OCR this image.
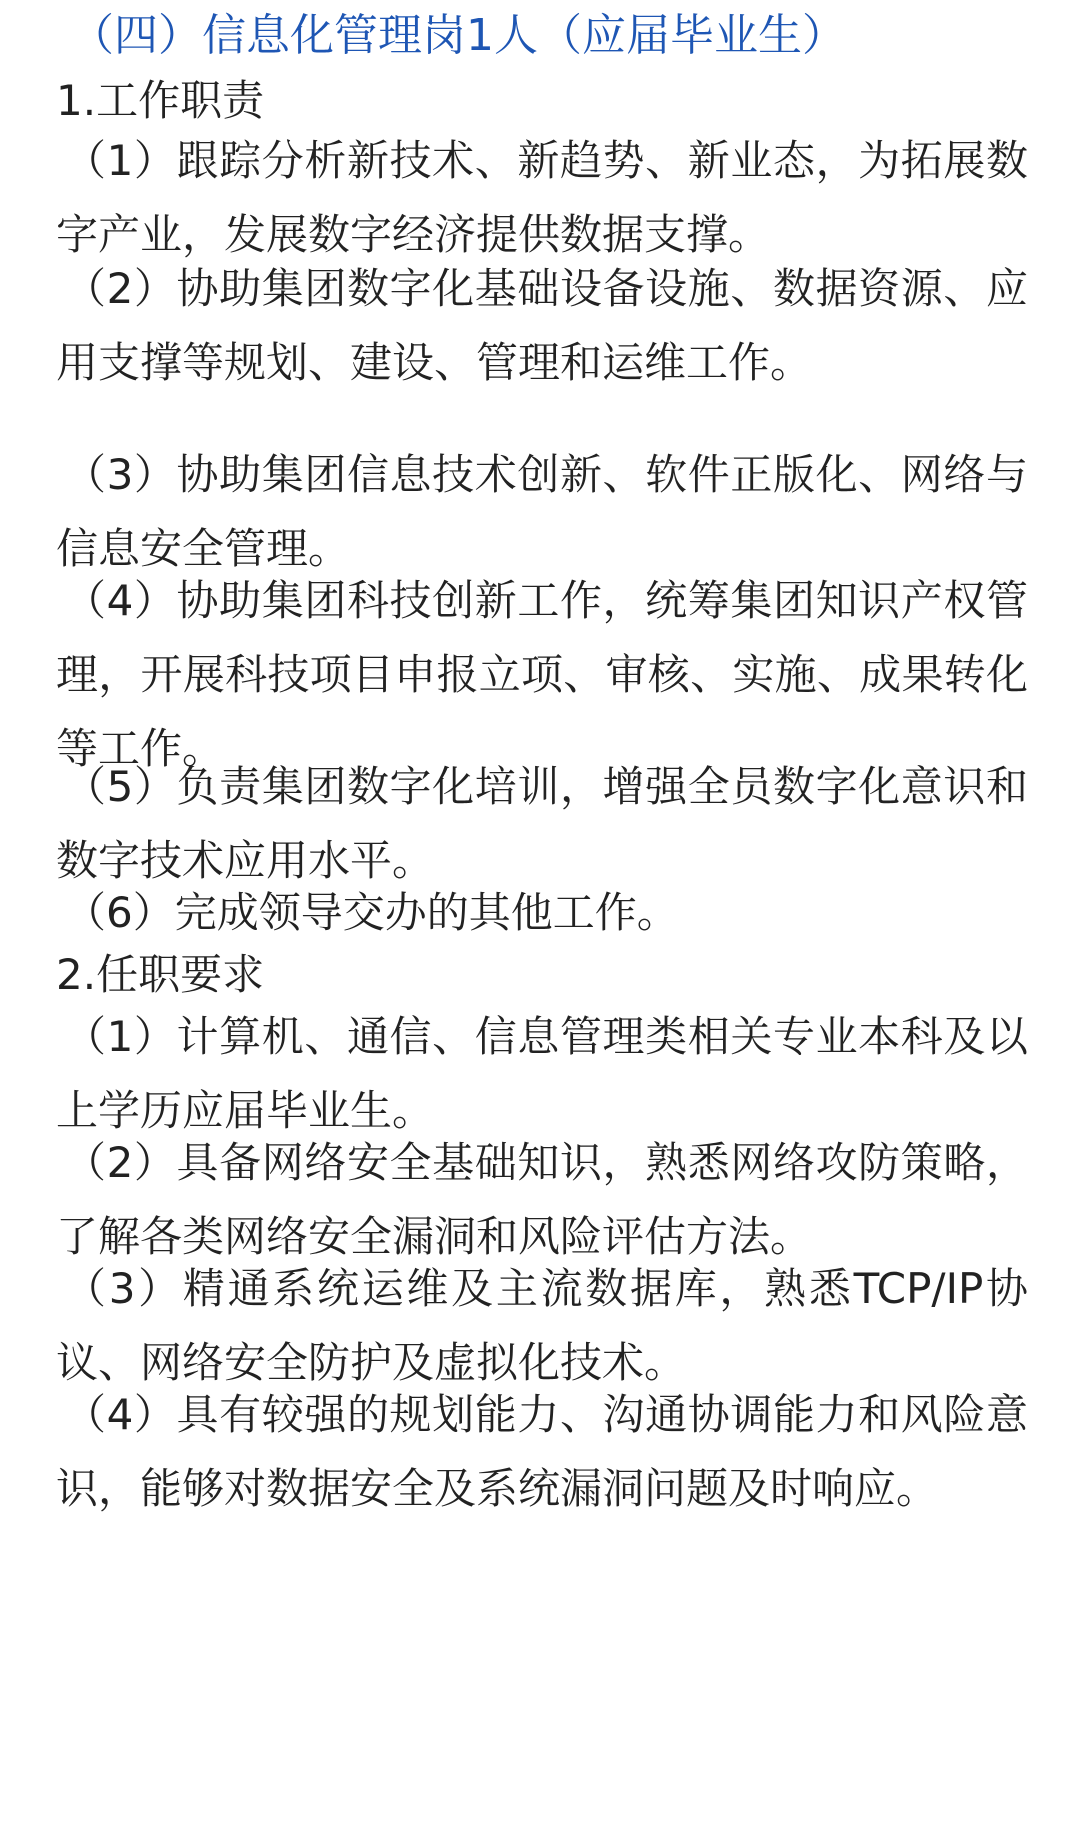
（四）信息化管理岗1人（应届毕业生）
1.工作职责

（1）跟踪分析新技术、新趋势、新业态，为拓展数字产业，发展数字经济提供数据支撑。

（2）协助集团数字化基础设备设施、数据资源、应用支撑等规划、建设、管理和运维工作。

（3）协助集团信息技术创新、软件正版化、网络与信息安全管理。

（4）协助集团科技创新工作，统筹集团知识产权管理，开展科技项目申报立项、审核、实施、成果转化等工作。

（5）负责集团数字化培训，增强全员数字化意识和数字技术应用水平。

（6）完成领导交办的其他工作。

2.任职要求

（1）计算机、通信、信息管理类相关专业本科及以上学历应届毕业生。

（2）具备网络安全基础知识，熟悉网络攻防策略，了解各类网络安全漏洞和风险评估方法。

（3）精通系统运维及主流数据库，熟悉TCP/IP协议、网络安全防护及虚拟化技术。

（4）具有较强的规划能力、沟通协调能力和风险意识，能够对数据安全及系统漏洞问题及时响应。
